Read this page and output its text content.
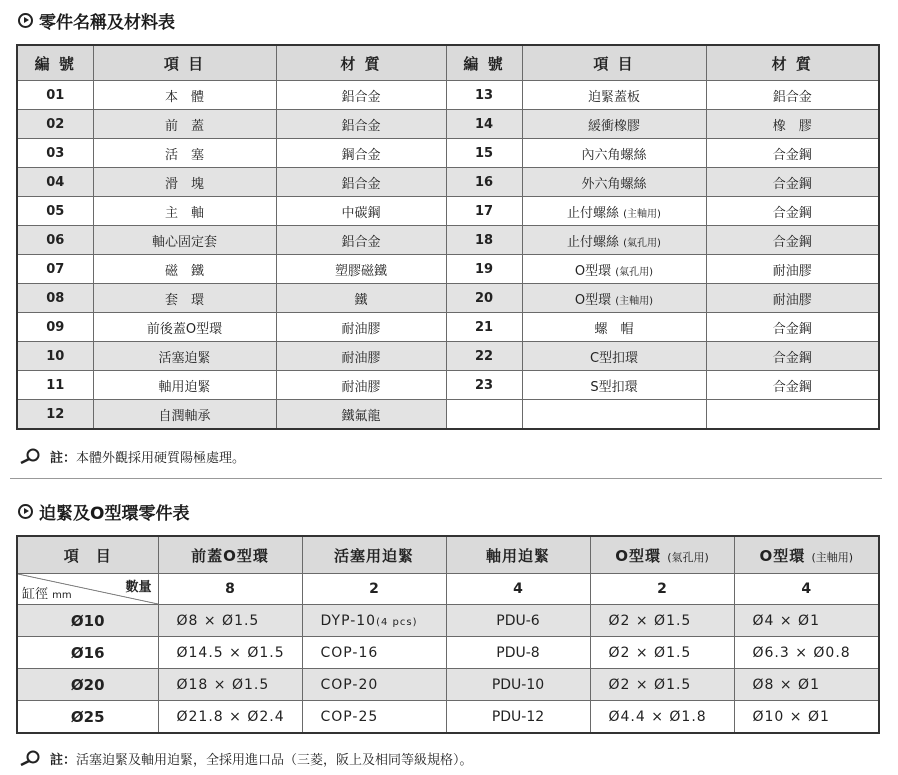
零件名稱及材料表
編 號	項 目	材 質	編 號	項 目	材 質
01	本　體	鋁合金	13	迫緊蓋板	鋁合金
02	前　蓋	鋁合金	14	緩衝橡膠	橡　膠
03	活　塞	鋼合金	15	內六角螺絲	合金鋼
04	滑　塊	鋁合金	16	外六角螺絲	合金鋼
05	主　軸	中碳鋼	17	止付螺絲 (主軸用)	合金鋼
06	軸心固定套	鋁合金	18	止付螺絲 (氣孔用)	合金鋼
07	磁　鐵	塑膠磁鐵	19	O型環 (氣孔用)	耐油膠
08	套　環	鐵	20	O型環 (主軸用)	耐油膠
09	前後蓋O型環	耐油膠	21	螺　帽	合金鋼
10	活塞迫緊	耐油膠	22	C型扣環	合金鋼
11	軸用迫緊	耐油膠	23	S型扣環	合金鋼
12	自潤軸承	鐵氟龍			
註： 本體外觀採用硬質陽極處理。
迫緊及O型環零件表
項　目	前蓋O型環	活塞用迫緊	軸用迫緊	O型環 (氣孔用)	O型環 (主軸用)

數量
缸徑 mm	8	2	4	2	4
Ø10	Ø8 × Ø1.5	DYP-10(4 pcs)	PDU-6	Ø2 × Ø1.5	Ø4 × Ø1
Ø16	Ø14.5 × Ø1.5	COP-16	PDU-8	Ø2 × Ø1.5	Ø6.3 × Ø0.8
Ø20	Ø18 × Ø1.5	COP-20	PDU-10	Ø2 × Ø1.5	Ø8 × Ø1
Ø25	Ø21.8 × Ø2.4	COP-25	PDU-12	Ø4.4 × Ø1.8	Ø10 × Ø1
註： 活塞迫緊及軸用迫緊，全採用進口品（三菱，阪上及相同等級規格）。
